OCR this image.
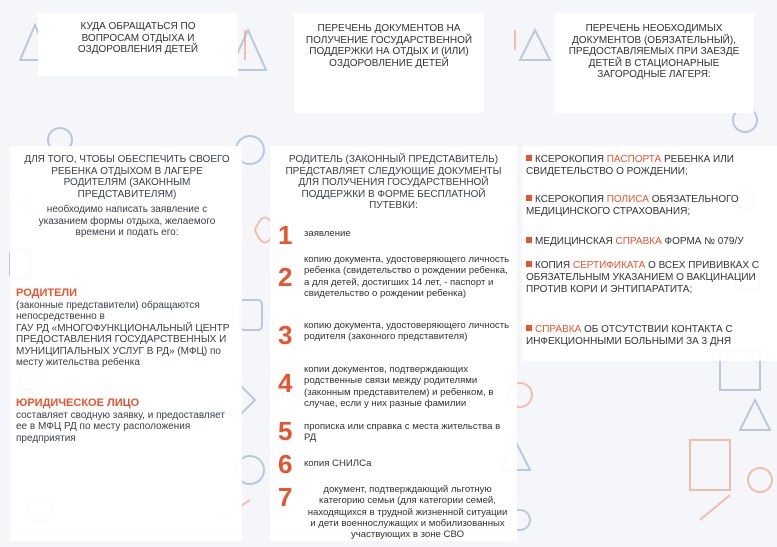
КУДА ОБРАЩАТЬСЯ ПО ВОПРОСАМ ОТДЫХА И ОЗДОРОВЛЕНИЯ ДЕТЕЙ
ДЛЯ ТОГО, ЧТОБЫ ОБЕСПЕЧИТЬ СВОЕГО РЕБЕНКА ОТДЫХОМ В ЛАГЕРЕ РОДИТЕЛЯМ (ЗАКОННЫМ ПРЕДСТАВИТЕЛЯМ)
необходимо написать заявление с указанием формы отдыха, желаемого времени и подать его:
РОДИТЕЛИ
(законные представители) обращаются непосредственно в
ГАУ РД «МНОГОФУНКЦИОНАЛЬНЫЙ ЦЕНТР ПРЕДОСТАВЛЕНИЯ ГОСУДАРСТВЕННЫХ И МУНИЦИПАЛЬНЫХ УСЛУГ В РД» (МФЦ) по месту жительства ребенка
ЮРИДИЧЕСКОЕ ЛИЦО
составляет сводную заявку, и предоставляет ее в МФЦ РД по месту расположения предприятия
ПЕРЕЧЕНЬ ДОКУМЕНТОВ НА ПОЛУЧЕНИЕ ГОСУДАРСТВЕННОЙ ПОДДЕРЖКИ НА ОТДЫХ И (ИЛИ) ОЗДОРОВЛЕНИЕ ДЕТЕЙ
РОДИТЕЛЬ (ЗАКОННЫЙ ПРЕДСТАВИТЕЛЬ) ПРЕДСТАВЛЯЕТ СЛЕДУЮЩИЕ ДОКУМЕНТЫ ДЛЯ ПОЛУЧЕНИЯ ГОСУДАРСТВЕННОЙ ПОДДЕРЖКИ В ФОРМЕ БЕСПЛАТНОЙ ПУТЕВКИ:
1 заявление
2
копию документа, удостоверяющего личность ребенка (свидетельство о рождении ребенка, а для детей, достигших 14 лет, - паспорт и свидетельство о рождении ребенка)
3 копию документа, удостоверяющего личность родителя (законного представителя)
4 копии документов, подтверждающих родственные связи между родителями (законным представителем) и ребенком, в случае, если у них разные фамилии
5 прописка или справка с места жительства в РД
6 копия СНИЛСа
7	документ, подтверждающий льготную категорию семьи (для категории семей, находящихся в трудной жизненной ситуации и дети военнослужащих и мобилизованных участвующих в зоне СВО
ПЕРЕЧЕНЬ НЕОБХОДИМЫХ ДОКУМЕНТОВ (ОБЯЗАТЕЛЬНЫЙ), ПРЕДОСТАВЛЯЕМЫХ ПРИ ЗАЕЗДЕ ДЕТЕЙ В СТАЦИОНАРНЫЕ ЗАГОРОДНЫЕ ЛАГЕРЯ:
КСЕРОКОПИЯ ПАСПОРТА РЕБЕНКА ИЛИ СВИДЕТЕЛЬСТВО О РОЖДЕНИИ;
КСЕРОКОПИЯ ПОЛИСА ОБЯЗАТЕЛЬНОГО МЕДИЦИНСКОГО СТРАХОВАНИЯ;
МЕДИЦИНСКАЯ СПРАВКА ФОРМА № 079/У
КОПИЯ СЕРТИФИКАТА О ВСЕХ ПРИВИВКАХ С ОБЯЗАТЕЛЬНЫМ УКАЗАНИЕМ О ВАКЦИНАЦИИ ПРОТИВ КОРИ И ЭНТИПАРАТИТА;
СПРАВКА ОБ ОТСУТСТВИИ КОНТАКТА С ИНФЕКЦИОННЫМИ БОЛЬНЫМИ ЗА 3 ДНЯ
